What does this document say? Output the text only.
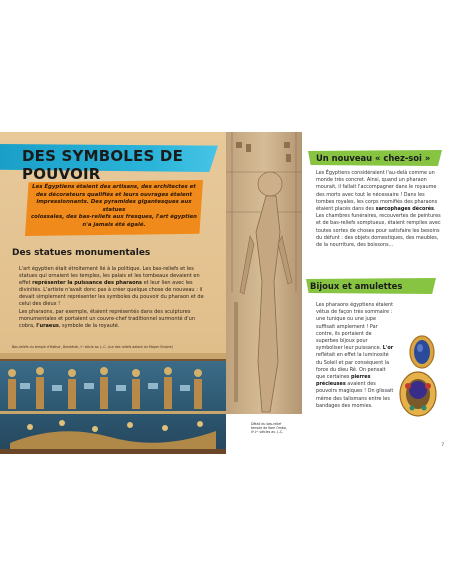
DES SYMBOLES DE POUVOIR
Les Égyptiens étaient des artisans, des architectes et
des décorateurs qualifiés et leurs ouvrages étaient
impressionnants. Des pyramides gigantesques aux statues
colossales, des bas-reliefs aux fresques, l'art égyptien
n'a jamais été égalé.
Des statues monumentales
L'art égyptien était étroitement lié à la politique. Les bas-reliefs et les statues qui ornaient les temples, les palais et les tombeaux devaient en effet représenter la puissance des pharaons et leur lien avec les divinités. L'artiste n'avait donc pas à créer quelque chose de nouveau : il devait simplement représenter les symboles du pouvoir du pharaon et de celui des dieux !
Les pharaons, par exemple, étaient représentés dans des sculptures monumentales et portaient un couvre-chef traditionnel surmonté d'un cobra, l'uraeus, symbole de la royauté.
Bas-reliefs du temple d'Hathor, Dendérah, Iᵉʳ siècle av. J.-C. (sur des reliefs datant du Moyen Empire)
Détail du bas-relief
temple de Kom Ombo,
IIᵉ-Iᵉʳ siècles av. J.-C.
Un nouveau « chez-soi »
Les Égyptiens considéraient l'au-delà comme un monde très concret. Ainsi, quand un pharaon mourait, il fallait l'accompagner dans le royaume des morts avec tout le nécessaire ! Dans les tombes royales, les corps momifiés des pharaons étaient placés dans des sarcophages décorés. Les chambres funéraires, recouvertes de peintures et de bas-reliefs somptueux, étaient remplies avec toutes sortes de choses pour satisfaire les besoins du défunt : des objets domestiques, des meubles, de la nourriture, des boissons...
Bijoux et amulettes
Les pharaons égyptiens étaient vêtus de façon très sommaire : une tunique ou une jupe suffisait amplement ! Par contre, ils portaient de superbes bijoux pour symboliser leur puissance. L'or reflétait en effet la luminosité du Soleil et par conséquent la force du dieu Rê. On pensait que certaines pierres précieuses avaient des pouvoirs magiques ! On glissait même des talismans entre les bandages des momies.
7
